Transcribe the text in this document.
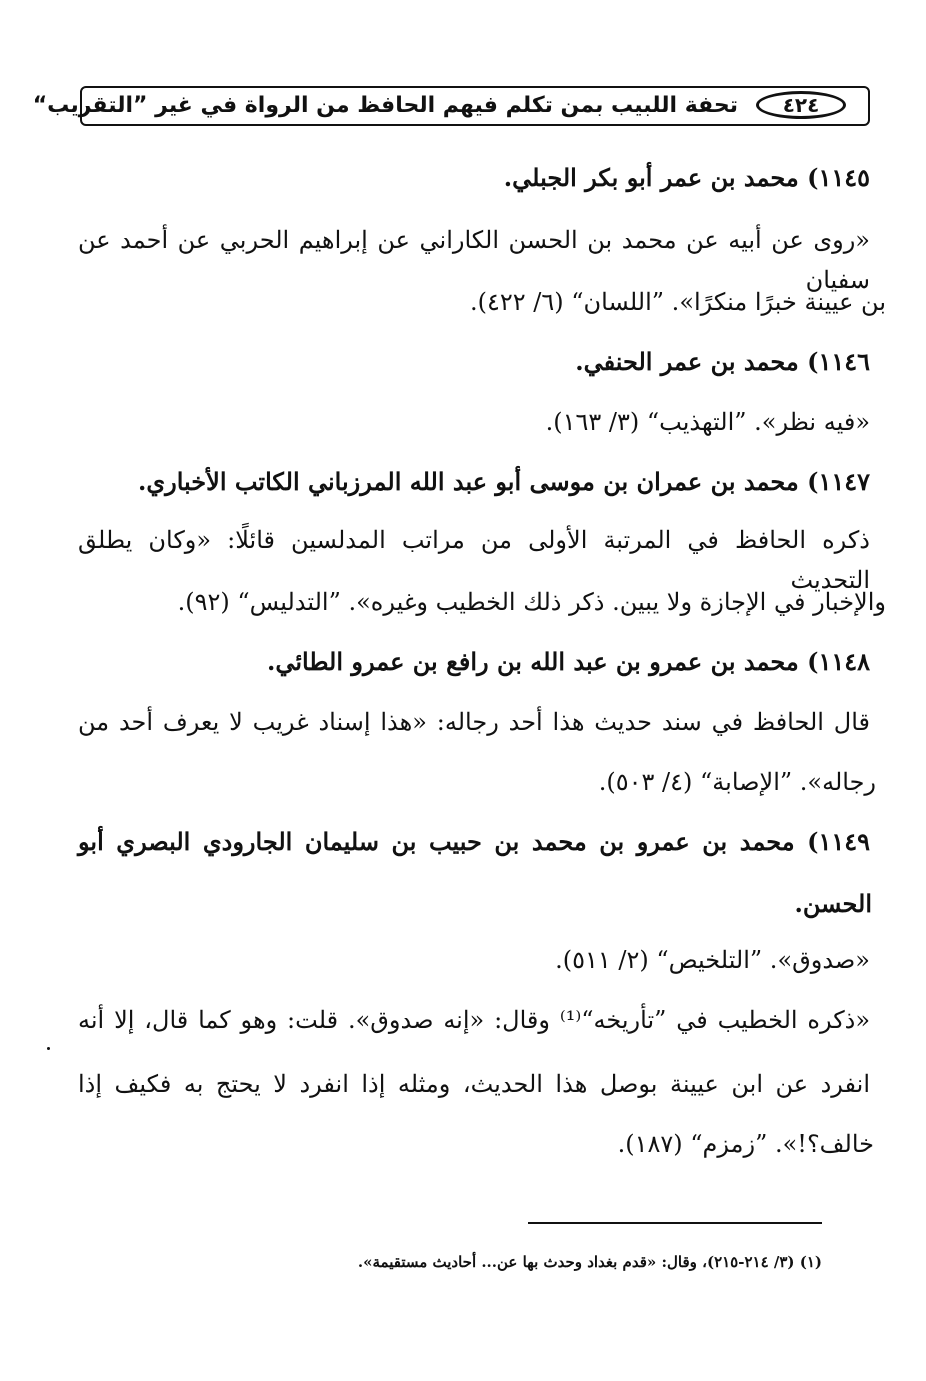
تحفة اللبيب بمن تكلم فيهم الحافظ من الرواة في غير ”التقريب“	٤٢٤
١١٤٥) محمد بن عمر أبو بكر الجبلي.
«روى عن أبيه عن محمد بن الحسن الكاراني عن إبراهيم الحربي عن أحمد عن سفيان
بن عيينة خبرًا منكرًا». ”اللسان“ (٦/ ٤٢٢).
١١٤٦) محمد بن عمر الحنفي.
«فيه نظر». ”التهذيب“ (٣/ ١٦٣).
١١٤٧) محمد بن عمران بن موسى أبو عبد الله المرزباني الكاتب الأخباري.
ذكره الحافظ في المرتبة الأولى من مراتب المدلسين قائلًا: «وكان يطلق التحديث
والإخبار في الإجازة ولا يبين. ذكر ذلك الخطيب وغيره». ”التدليس“ (٩٢).
١١٤٨) محمد بن عمرو بن عبد الله بن رافع بن عمرو الطائي.
قال الحافظ في سند حديث هذا أحد رجاله: «هذا إسناد غريب لا يعرف أحد من
رجاله». ”الإصابة“ (٤/ ٥٠٣).
١١٤٩) محمد بن عمرو بن محمد بن حبيب بن سليمان الجارودي البصري أبو
الحسن.
«صدوق». ”التلخيص“ (٢/ ٥١١).
«ذكره الخطيب في ”تأريخه“⁽¹⁾ وقال: «إنه صدوق». قلت: وهو كما قال، إلا أنه
انفرد عن ابن عيينة بوصل هذا الحديث، ومثله إذا انفرد لا يحتج به فكيف إذا
خالف؟!». ”زمزم“ (١٨٧).
(١) (٣/ ٢١٤-٢١٥)، وقال: «قدم بغداد وحدث بها عن... أحاديث مستقيمة».
